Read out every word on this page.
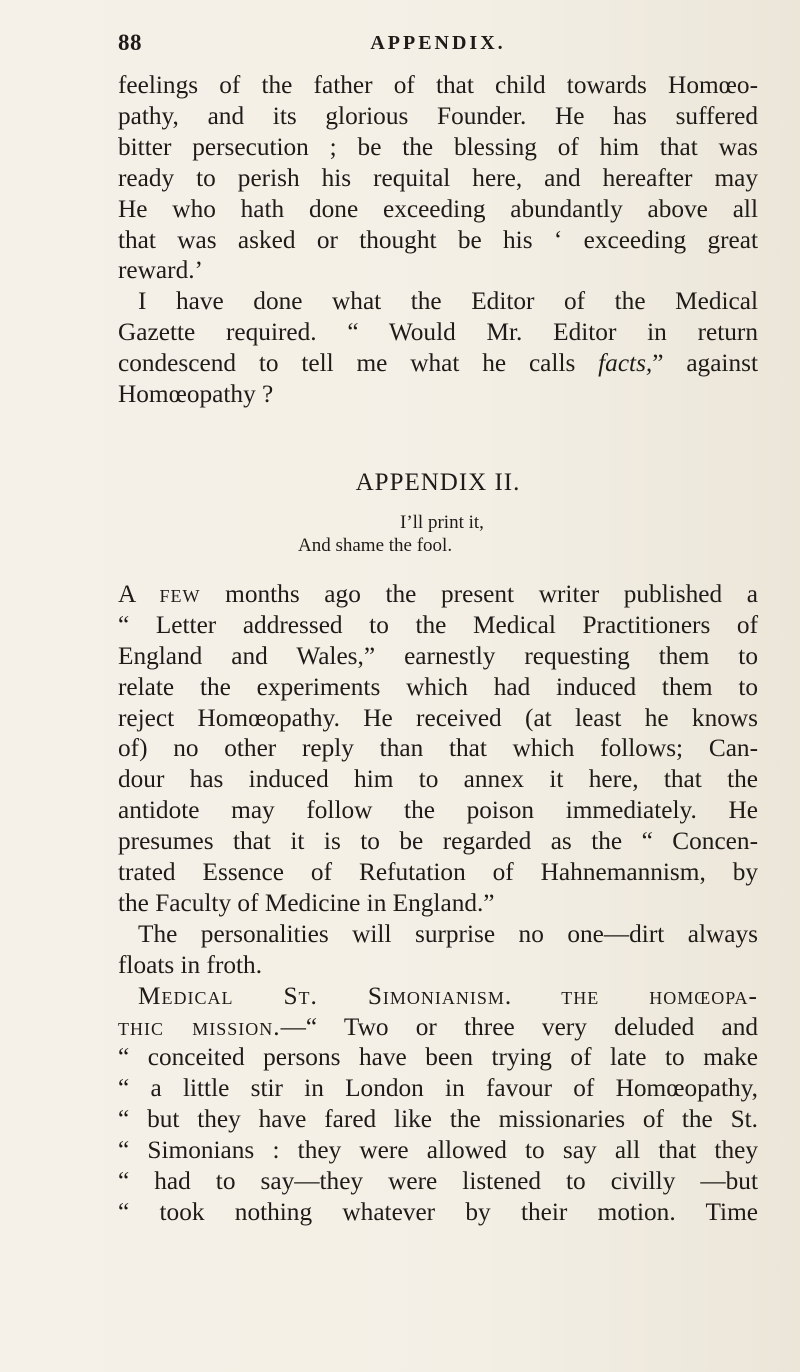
88	APPENDIX.
feelings of the father of that child towards Homœo-
pathy, and its glorious Founder. He has suffered
bitter persecution ; be the blessing of him that was
ready to perish his requital here, and hereafter may
He who hath done exceeding abundantly above all
that was asked or thought be his ‘ exceeding great
reward.’
I have done what the Editor of the Medical
Gazette required. “ Would Mr. Editor in return
condescend to tell me what he calls facts,” against
Homœopathy ?
APPENDIX II.
I’ll print it,
And shame the fool.
A few months ago the present writer published a
“ Letter addressed to the Medical Practitioners of
England and Wales,” earnestly requesting them to
relate the experiments which had induced them to
reject Homœopathy. He received (at least he knows
of) no other reply than that which follows; Can-
dour has induced him to annex it here, that the
antidote may follow the poison immediately. He
presumes that it is to be regarded as the “ Concen-
trated Essence of Refutation of Hahnemannism, by
the Faculty of Medicine in England.”
The personalities will surprise no one—dirt always
floats in froth.
Medical St. Simonianism. the homœopa-
thic mission.—“ Two or three very deluded and
“ conceited persons have been trying of late to make
“ a little stir in London in favour of Homœopathy,
“ but they have fared like the missionaries of the St.
“ Simonians : they were allowed to say all that they
“ had to say—they were listened to civilly —but
“ took nothing whatever by their motion. Time
